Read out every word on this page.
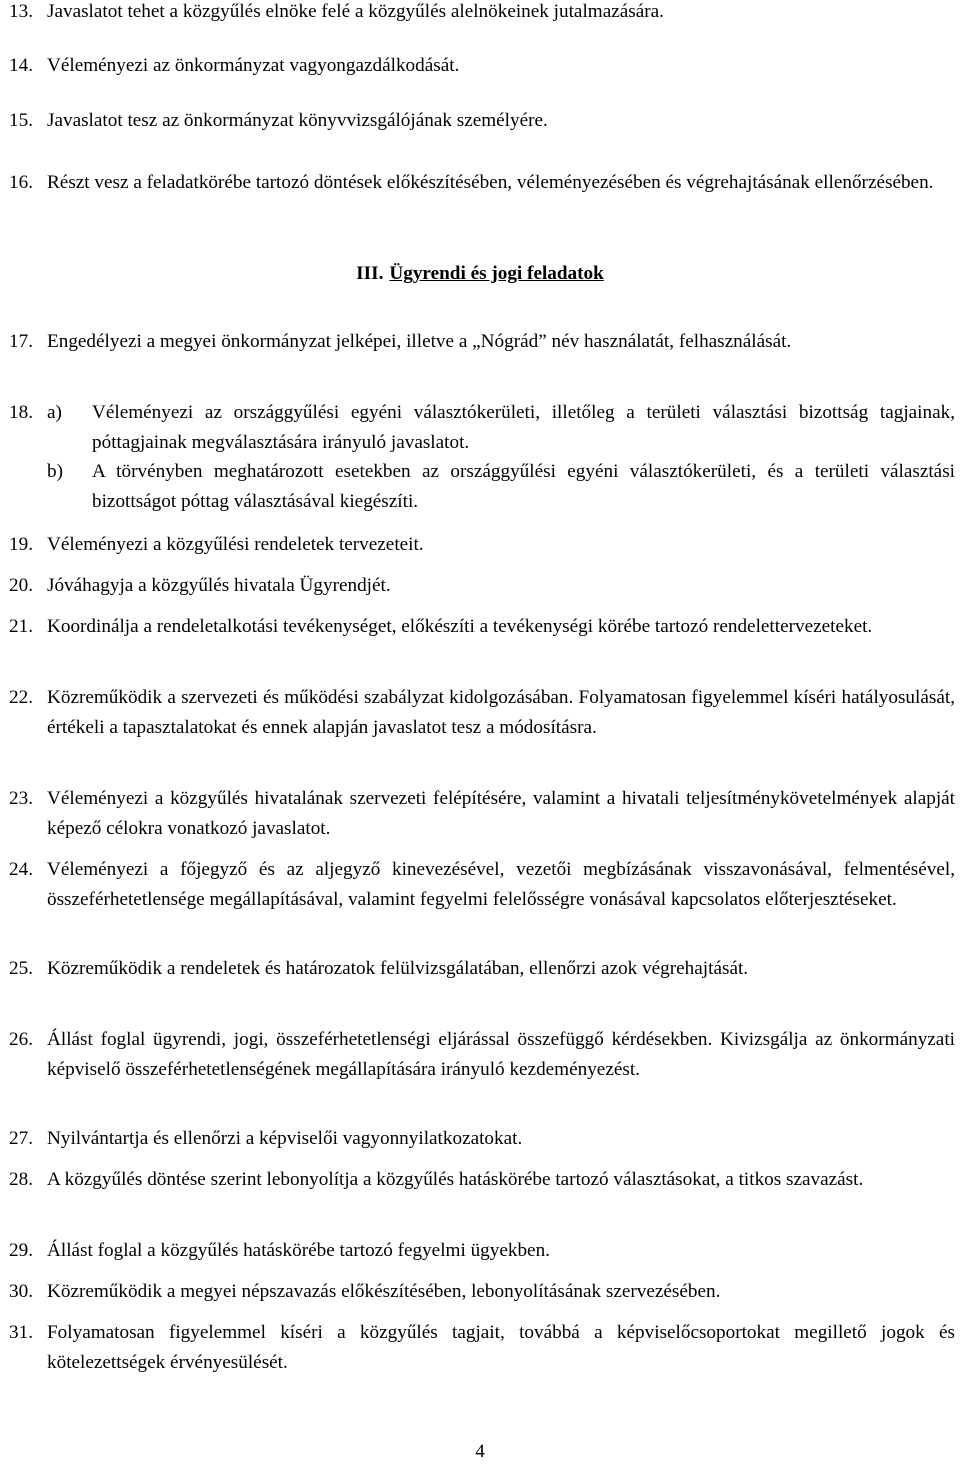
13. Javaslatot tehet a közgyűlés elnöke felé a közgyűlés alelnökeinek jutalmazására.
14. Véleményezi az önkormányzat vagyongazdálkodását.
15. Javaslatot tesz az önkormányzat könyvvizsgálójának személyére.
16. Részt vesz a feladatkörébe tartozó döntések előkészítésében, véleményezésében és végrehajtásának ellenőrzésében.
III. Ügyrendi és jogi feladatok
17. Engedélyezi a megyei önkormányzat jelképei, illetve a „Nógrád” név használatát, felhasználását.
18. a) Véleményezi az országgyűlési egyéni választókerületi, illetőleg a területi választási bizottság tagjainak, póttagjainak megválasztására irányuló javaslatot.
b) A törvényben meghatározott esetekben az országgyűlési egyéni választókerületi, és a területi választási bizottságot póttag választásával kiegészíti.
19. Véleményezi a közgyűlési rendeletek tervezeteit.
20. Jóváhagyja a közgyűlés hivatala Ügyrendjét.
21. Koordinálja a rendeletalkotási tevékenységet, előkészíti a tevékenységi körébe tartozó rendelettervezeteket.
22. Közreműködik a szervezeti és működési szabályzat kidolgozásában. Folyamatosan figyelemmel kíséri hatályosulását, értékeli a tapasztalatokat és ennek alapján javaslatot tesz a módosításra.
23. Véleményezi a közgyűlés hivatalának szervezeti felépítésére, valamint a hivatali teljesítménykövetelmények alapját képező célokra vonatkozó javaslatot.
24. Véleményezi a főjegyző és az aljegyző kinevezésével, vezetői megbízásának visszavonásával, felmentésével, összeférhetetlensége megállapításával, valamint fegyelmi felelősségre vonásával kapcsolatos előterjesztéseket.
25. Közreműködik a rendeletek és határozatok felülvizsgálatában, ellenőrzi azok végrehajtását.
26. Állást foglal ügyrendi, jogi, összeférhetetlenségi eljárással összefüggő kérdésekben. Kivizsgálja az önkormányzati képviselő összeférhetetlenségének megállapítására irányuló kezdeményezést.
27. Nyilvántartja és ellenőrzi a képviselői vagyonnyilatkozatokat.
28. A közgyűlés döntése szerint lebonyolítja a közgyűlés hatáskörébe tartozó választásokat, a titkos szavazást.
29. Állást foglal a közgyűlés hatáskörébe tartozó fegyelmi ügyekben.
30. Közreműködik a megyei népszavazás előkészítésében, lebonyolításának szervezésében.
31. Folyamatosan figyelemmel kíséri a közgyűlés tagjait, továbbá a képviselőcsoportokat megillető jogok és kötelezettségek érvényesülését.
4
